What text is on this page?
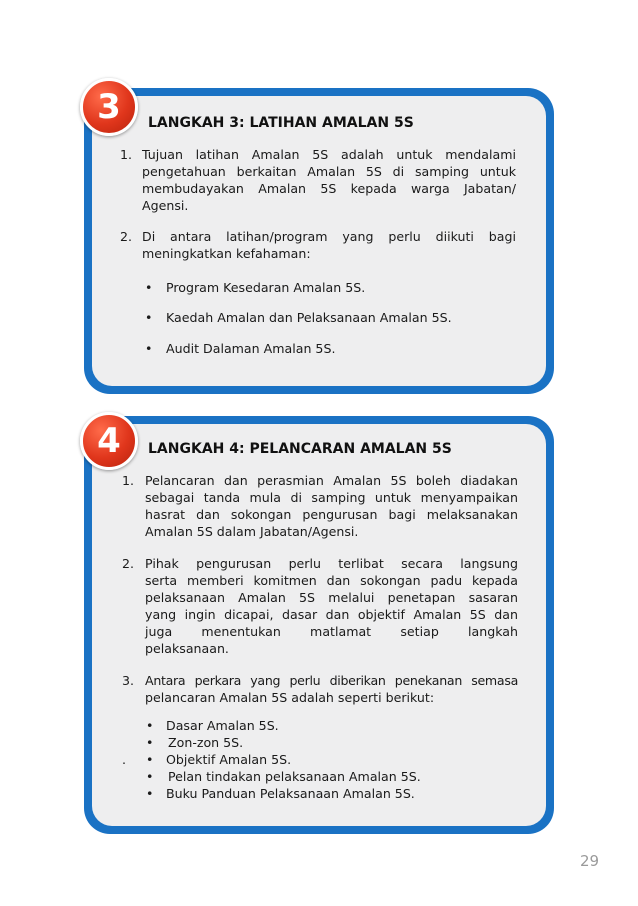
3	LANGKAH 3: LATIHAN AMALAN 5S
1. Tujuan latihan Amalan 5S adalah untuk mendalami
pengetahuan berkaitan Amalan 5S di samping untuk
membudayakan Amalan 5S kepada warga Jabatan/
Agensi.
2. Di antara latihan/program yang perlu diikuti bagi
meningkatkan kefahaman:
• Program Kesedaran Amalan 5S.
• Kaedah Amalan dan Pelaksanaan Amalan 5S.
• Audit Dalaman Amalan 5S.
4	LANGKAH 4: PELANCARAN AMALAN 5S
1. Pelancaran dan perasmian Amalan 5S boleh diadakan
sebagai tanda mula di samping untuk menyampaikan
hasrat dan sokongan pengurusan bagi melaksanakan
Amalan 5S dalam Jabatan/Agensi.
2. Pihak pengurusan perlu terlibat secara langsung
serta memberi komitmen dan sokongan padu kepada
pelaksanaan Amalan 5S melalui penetapan sasaran
yang ingin dicapai, dasar dan objektif Amalan 5S dan
juga menentukan matlamat setiap langkah
pelaksanaan.
3. Antara perkara yang perlu diberikan penekanan semasa
pelancaran Amalan 5S adalah seperti berikut:
• Dasar Amalan 5S.
• Zon-zon 5S.
. • Objektif Amalan 5S.
• Pelan tindakan pelaksanaan Amalan 5S.
• Buku Panduan Pelaksanaan Amalan 5S.
29
